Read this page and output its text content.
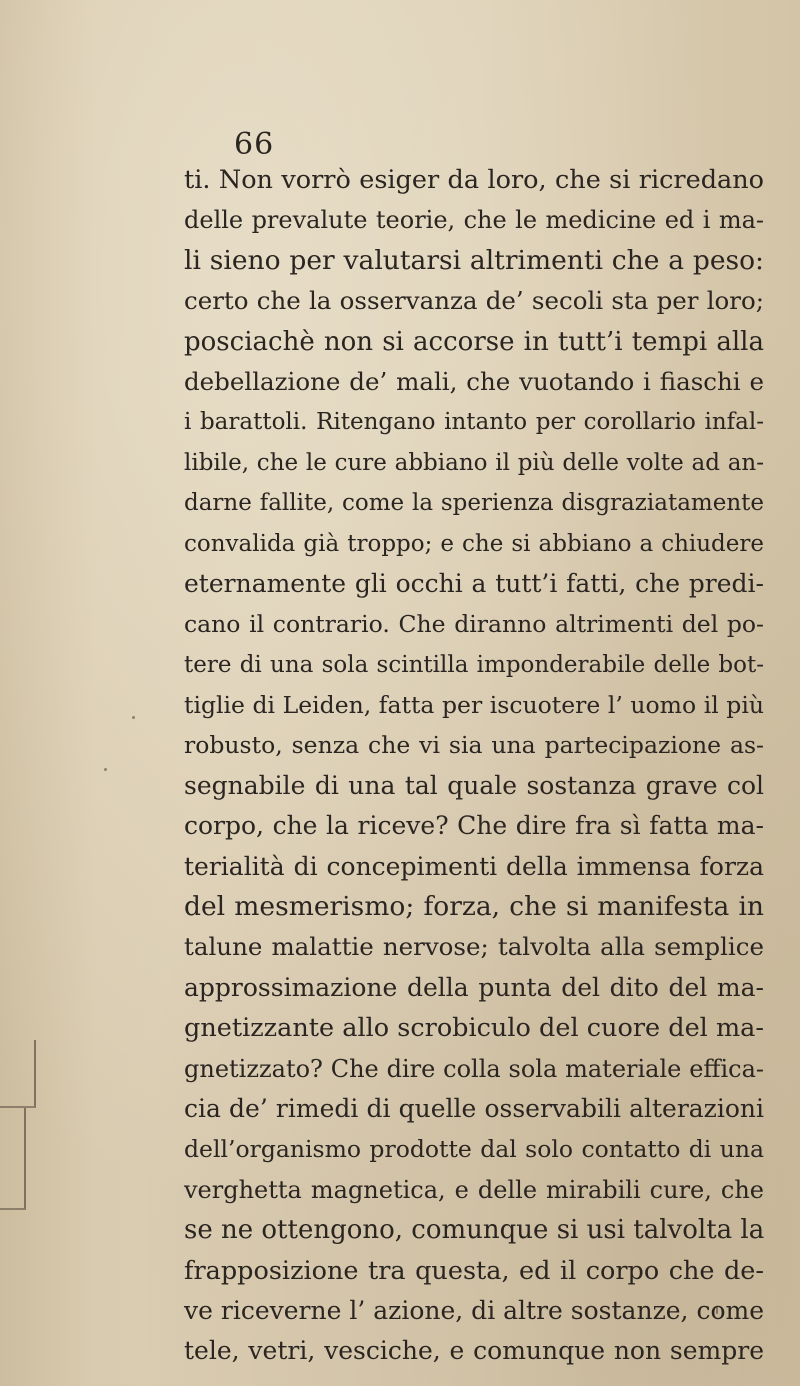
66
ti. Non vorrò esiger da loro, che si ricredano
delle prevalute teorie, che le medicine ed i ma-
li sieno per valutarsi altrimenti che a peso:
certo che la osservanza de’ secoli sta per loro;
posciachè non si accorse in tutt’i tempi alla
debellazione de’ mali, che vuotando i fiaschi e
i barattoli. Ritengano intanto per corollario infal-
libile, che le cure abbiano il più delle volte ad an-
darne fallite, come la sperienza disgraziatamente
convalida già troppo; e che si abbiano a chiudere
eternamente gli occhi a tutt’i fatti, che predi-
cano il contrario. Che diranno altrimenti del po-
tere di una sola scintilla imponderabile delle bot-
tiglie di Leiden, fatta per iscuotere l’ uomo il più
robusto, senza che vi sia una partecipazione as-
segnabile di una tal quale sostanza grave col
corpo, che la riceve? Che dire fra sì fatta ma-
terialità di concepimenti della immensa forza
del mesmerismo; forza, che si manifesta in
talune malattie nervose; talvolta alla semplice
approssimazione della punta del dito del ma-
gnetizzante allo scrobiculo del cuore del ma-
gnetizzato? Che dire colla sola materiale effica-
cia de’ rimedi di quelle osservabili alterazioni
dell’organismo prodotte dal solo contatto di una
verghetta magnetica, e delle mirabili cure, che
se ne ottengono, comunque si usi talvolta la
frapposizione tra questa, ed il corpo che de-
ve riceverne l’ azione, di altre sostanze, come
tele, vetri, vesciche, e comunque non sempre
